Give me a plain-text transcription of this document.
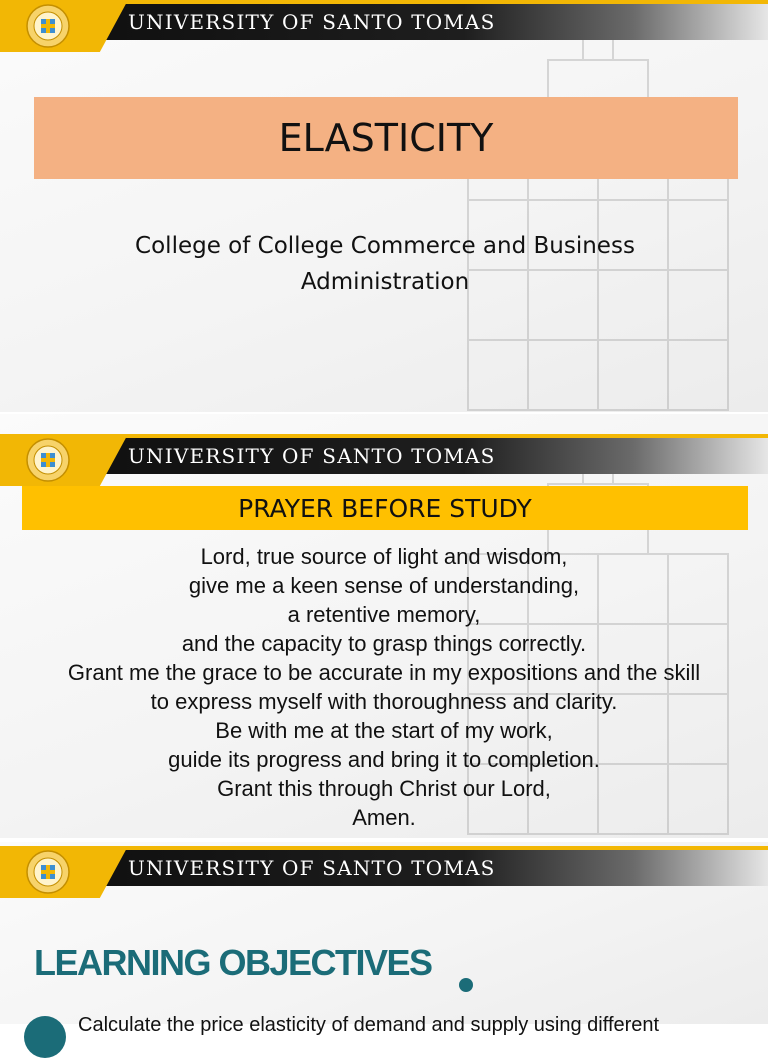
UNIVERSITY OF SANTO TOMAS
ELASTICITY
College of College Commerce and Business
Administration
UNIVERSITY OF SANTO TOMAS
PRAYER BEFORE STUDY
Lord, true source of light and wisdom,
give me a keen sense of understanding,
a retentive memory,
and the capacity to grasp things correctly.
Grant me the grace to be accurate in my expositions and the skill
to express myself with thoroughness and clarity.
Be with me at the start of my work,
guide its progress and bring it to completion.
Grant this through Christ our Lord,
Amen.
UNIVERSITY OF SANTO TOMAS
LEARNING OBJECTIVES
Calculate the price elasticity of demand and supply using different
